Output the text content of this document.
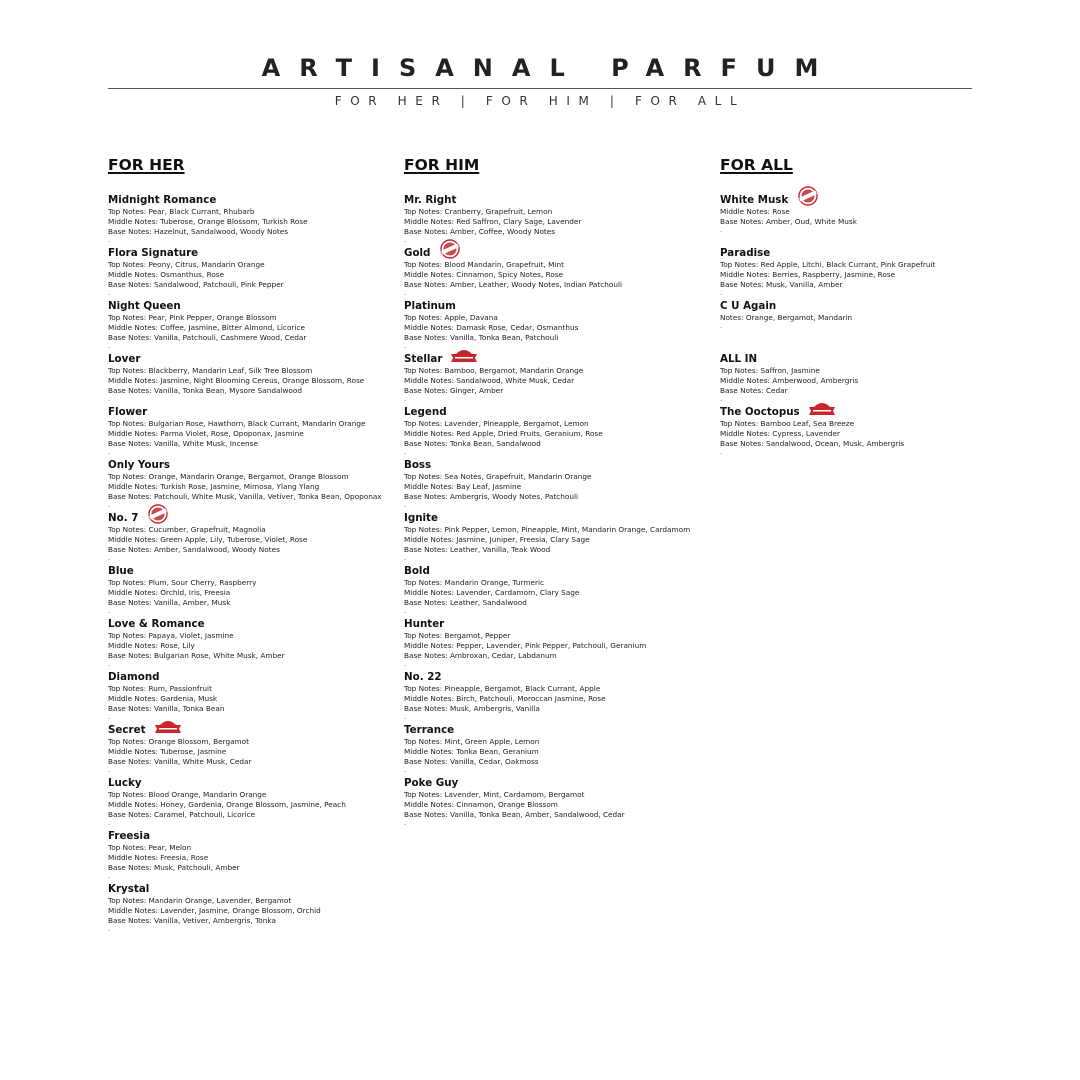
ARTISANAL PARFUM
FOR HER | FOR HIM | FOR ALL
FOR HER
Midnight Romance
Top Notes: Pear, Black Currant, Rhubarb
Middle Notes: Tuberose, Orange Blossom, Turkish Rose
Base Notes: Hazelnut, Sandalwood, Woody Notes
.
Flora Signature
Top Notes: Peony, Citrus, Mandarin Orange
Middle Notes: Osmanthus, Rose
Base Notes: Sandalwood, Patchouli, Pink Pepper
.
Night Queen
Top Notes: Pear, Pink Pepper, Orange Blossom
Middle Notes: Coffee, Jasmine, Bitter Almond, Licorice
Base Notes: Vanilla, Patchouli, Cashmere Wood, Cedar
.
Lover
Top Notes: Blackberry, Mandarin Leaf, Silk Tree Blossom
Middle Notes: Jasmine, Night Blooming Cereus, Orange Blossom, Rose
Base Notes: Vanilla, Tonka Bean, Mysore Sandalwood
.
Flower
Top Notes: Bulgarian Rose, Hawthorn, Black Currant, Mandarin Orange
Middle Notes: Parma Violet, Rose, Opoponax, Jasmine
Base Notes: Vanilla, White Musk, Incense
.
Only Yours
Top Notes: Orange, Mandarin Orange, Bergamot, Orange Blossom
Middle Notes: Turkish Rose, Jasmine, Mimosa, Ylang Ylang
Base Notes: Patchouli, White Musk, Vanilla, Vetiver, Tonka Bean, Opoponax
.
No. 7
Top Notes: Cucumber, Grapefruit, Magnolia
Middle Notes: Green Apple, Lily, Tuberose, Violet, Rose
Base Notes: Amber, Sandalwood, Woody Notes
.
Blue
Top Notes: Plum, Sour Cherry, Raspberry
Middle Notes: Orchid, Iris, Freesia
Base Notes: Vanilla, Amber, Musk
.
Love & Romance
Top Notes: Papaya, Violet, Jasmine
Middle Notes: Rose, Lily
Base Notes: Bulgarian Rose, White Musk, Amber
.
Diamond
Top Notes: Rum, Passionfruit
Middle Notes: Gardenia, Musk
Base Notes: Vanilla, Tonka Bean
.
Secret
Top Notes: Orange Blossom, Bergamot
Middle Notes: Tuberose, Jasmine
Base Notes: Vanilla, White Musk, Cedar
.
Lucky
Top Notes: Blood Orange, Mandarin Orange
Middle Notes: Honey, Gardenia, Orange Blossom, Jasmine, Peach
Base Notes: Caramel, Patchouli, Licorice
.
Freesia
Top Notes: Pear, Melon
Middle Notes: Freesia, Rose
Base Notes: Musk, Patchouli, Amber
.
Krystal
Top Notes: Mandarin Orange, Lavender, Bergamot
Middle Notes: Lavender, Jasmine, Orange Blossom, Orchid
Base Notes: Vanilla, Vetiver, Ambergris, Tonka
.
FOR HIM
Mr. Right
Top Notes: Cranberry, Grapefruit, Lemon
Middle Notes: Red Saffron, Clary Sage, Lavender
Base Notes: Amber, Coffee, Woody Notes
.
Gold
Top Notes: Blood Mandarin, Grapefruit, Mint
Middle Notes: Cinnamon, Spicy Notes, Rose
Base Notes: Amber, Leather, Woody Notes, Indian Patchouli
.
Platinum
Top Notes: Apple, Davana
Middle Notes: Damask Rose, Cedar, Osmanthus
Base Notes: Vanilla, Tonka Bean, Patchouli
.
Stellar
Top Notes: Bamboo, Bergamot, Mandarin Orange
Middle Notes: Sandalwood, White Musk, Cedar
Base Notes: Ginger, Amber
.
Legend
Top Notes: Lavender, Pineapple, Bergamot, Lemon
Middle Notes: Red Apple, Dried Fruits, Geranium, Rose
Base Notes: Tonka Bean, Sandalwood
.
Boss
Top Notes: Sea Notes, Grapefruit, Mandarin Orange
Middle Notes: Bay Leaf, Jasmine
Base Notes: Ambergris, Woody Notes, Patchouli
.
Ignite
Top Notes: Pink Pepper, Lemon, Pineapple, Mint, Mandarin Orange, Cardamom
Middle Notes: Jasmine, Juniper, Freesia, Clary Sage
Base Notes: Leather, Vanilla, Teak Wood
.
Bold
Top Notes: Mandarin Orange, Turmeric
Middle Notes: Lavender, Cardamom, Clary Sage
Base Notes: Leather, Sandalwood
.
Hunter
Top Notes: Bergamot, Pepper
Middle Notes: Pepper, Lavender, Pink Pepper, Patchouli, Geranium
Base Notes: Ambroxan, Cedar, Labdanum
.
No. 22
Top Notes: Pineapple, Bergamot, Black Currant, Apple
Middle Notes: Birch, Patchouli, Moroccan Jasmine, Rose
Base Notes: Musk, Ambergris, Vanilla
.
Terrance
Top Notes: Mint, Green Apple, Lemon
Middle Notes: Tonka Bean, Geranium
Base Notes: Vanilla, Cedar, Oakmoss
.
Poke Guy
Top Notes: Lavender, Mint, Cardamom, Bergamot
Middle Notes: Cinnamon, Orange Blossom
Base Notes: Vanilla, Tonka Bean, Amber, Sandalwood, Cedar
.
FOR ALL
White Musk
Middle Notes: Rose
Base Notes: Amber, Oud, White Musk
.
Paradise
Top Notes: Red Apple, Litchi, Black Currant, Pink Grapefruit
Middle Notes: Berries, Raspberry, Jasmine, Rose
Base Notes: Musk, Vanilla, Amber
.
C U Again
Notes: Orange, Bergamot, Mandarin
.
ALL IN
Top Notes: Saffron, Jasmine
Middle Notes: Amberwood, Ambergris
Base Notes: Cedar
.
The Ooctopus
Top Notes: Bamboo Leaf, Sea Breeze
Middle Notes: Cypress, Lavender
Base Notes: Sandalwood, Ocean, Musk, Ambergris
.
